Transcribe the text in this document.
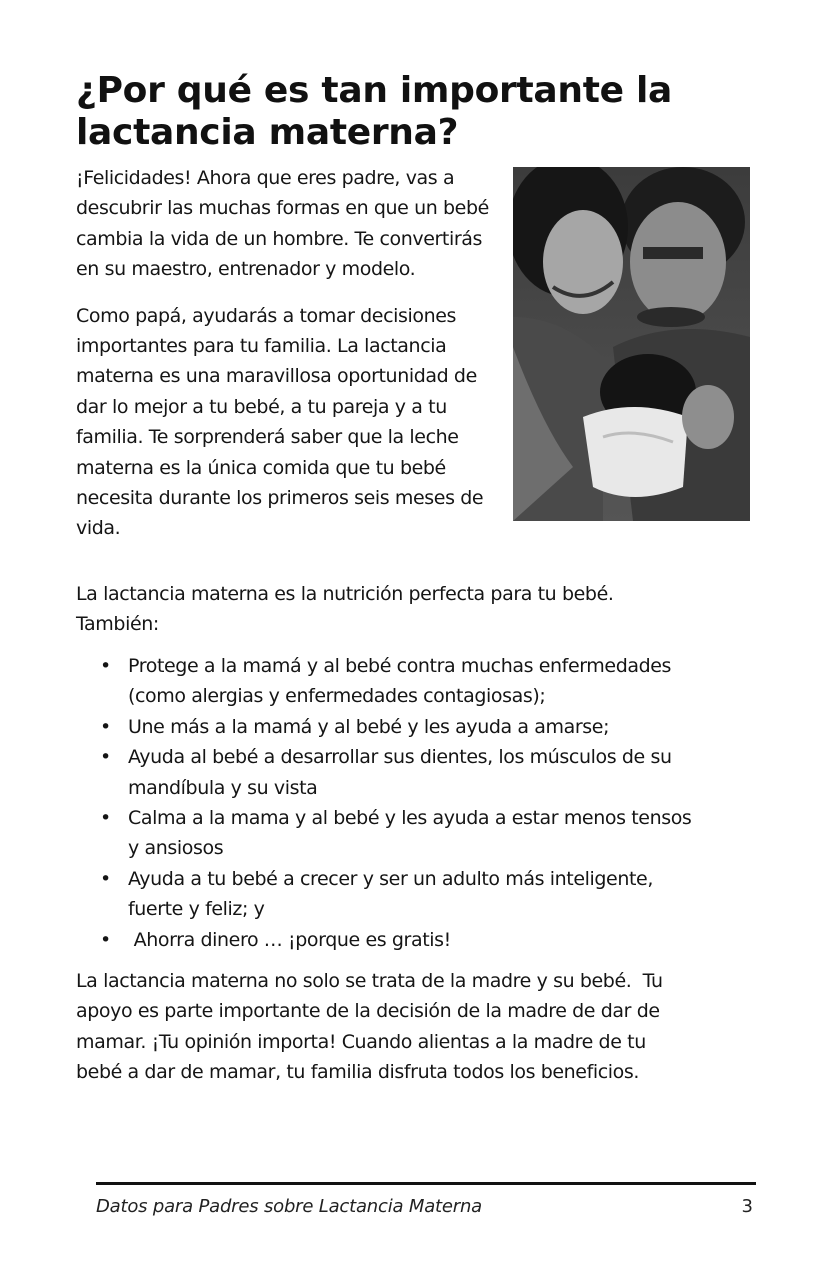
¿Por qué es tan importante la
lactancia materna?

¡Felicidades! Ahora que eres padre, vas a descubrir las muchas formas en que un bebé cambia la vida de un hombre. Te convertirás en su maestro, entrenador y modelo.

Como papá, ayudarás a tomar decisiones importantes para tu familia. La lactancia materna es una maravillosa oportunidad de dar lo mejor a tu bebé, a tu pareja y a tu familia. Te sorprenderá saber que la leche materna es la única comida que tu bebé necesita durante los primeros seis meses de vida.

La lactancia materna es la nutrición perfecta para tu bebé.

También:

• Protege a la mamá y al bebé contra muchas enfermedades
(como alergias y enfermedades contagiosas);
• Une más a la mamá y al bebé y les ayuda a amarse;
• Ayuda al bebé a desarrollar sus dientes, los músculos de su
mandíbula y su vista
• Calma a la mama y al bebé y les ayuda a estar menos tensos
y ansiosos
• Ayuda a tu bebé a crecer y ser un adulto más inteligente,
fuerte y feliz; y
• Ahorra dinero … ¡porque es gratis!

La lactancia materna no solo se trata de la madre y su bebé.  Tu

apoyo es parte importante de la decisión de la madre de dar de

mamar. ¡Tu opinión importa! Cuando alientas a la madre de tu

bebé a dar de mamar, tu familia disfruta todos los beneficios.

Datos para Padres sobre Lactancia Materna	3
